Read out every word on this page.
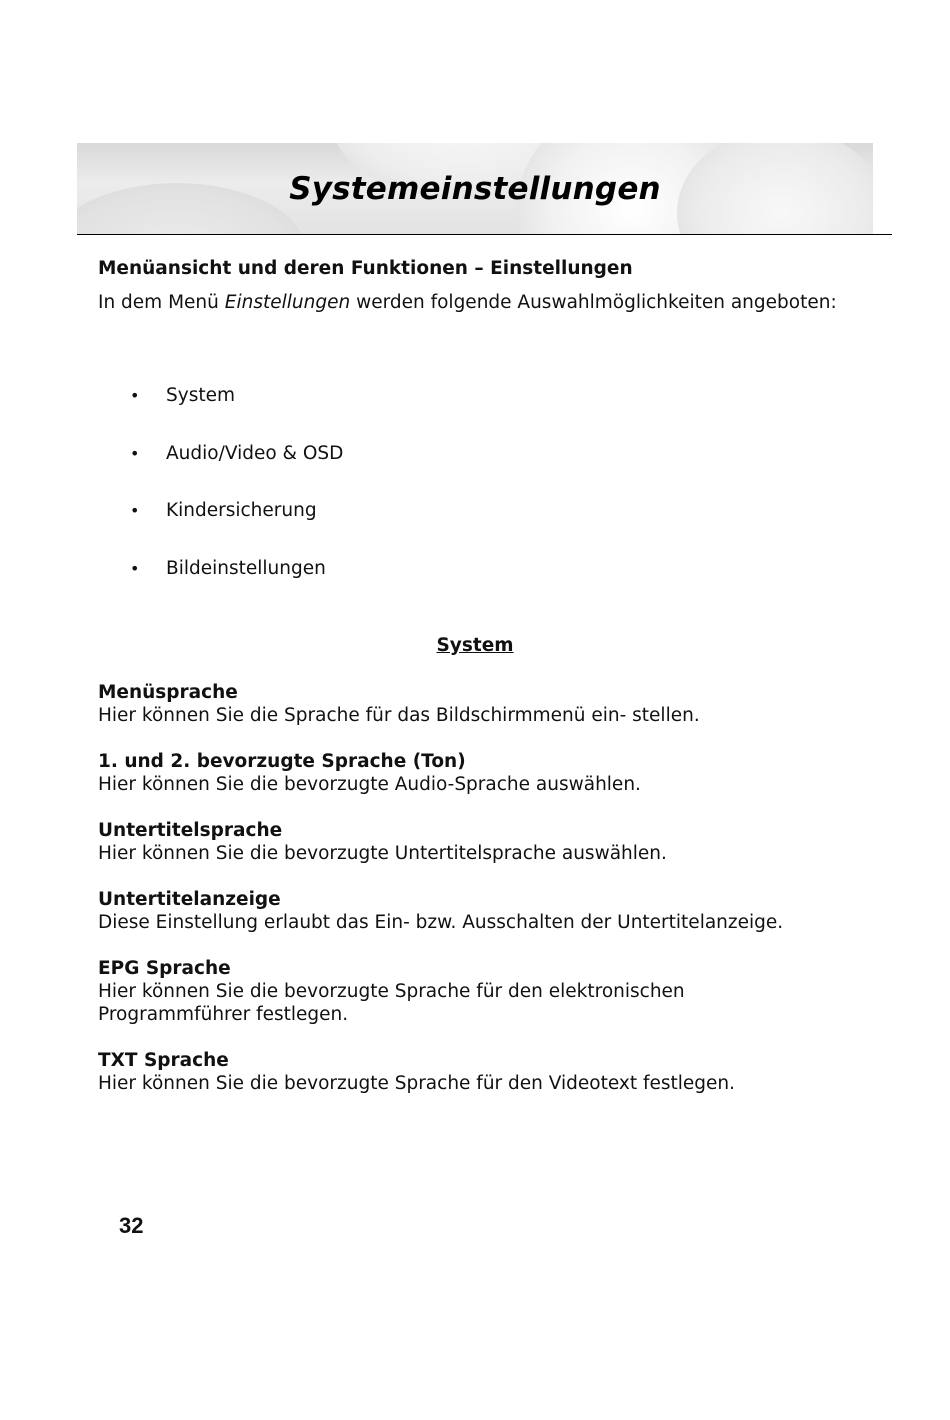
Systemeinstellungen

Menüansicht und deren Funktionen – Einstellungen

In dem Menü Einstellungen werden folgende Auswahlmöglichkeiten angeboten:

• System
• Audio/Video & OSD
• Kindersicherung
• Bildeinstellungen
System
Menüsprache
Hier können Sie die Sprache für das Bildschirmmenü ein- stellen.
1. und 2. bevorzugte Sprache (Ton)
Hier können Sie die bevorzugte Audio-Sprache auswählen.
Untertitelsprache
Hier können Sie die bevorzugte Untertitelsprache auswählen.
Untertitelanzeige
Diese Einstellung erlaubt das Ein- bzw. Ausschalten der Untertitelanzeige.
EPG Sprache
Hier können Sie die bevorzugte Sprache für den elektronischen Programmführer festlegen.
TXT Sprache
Hier können Sie die bevorzugte Sprache für den Videotext festlegen.
32
